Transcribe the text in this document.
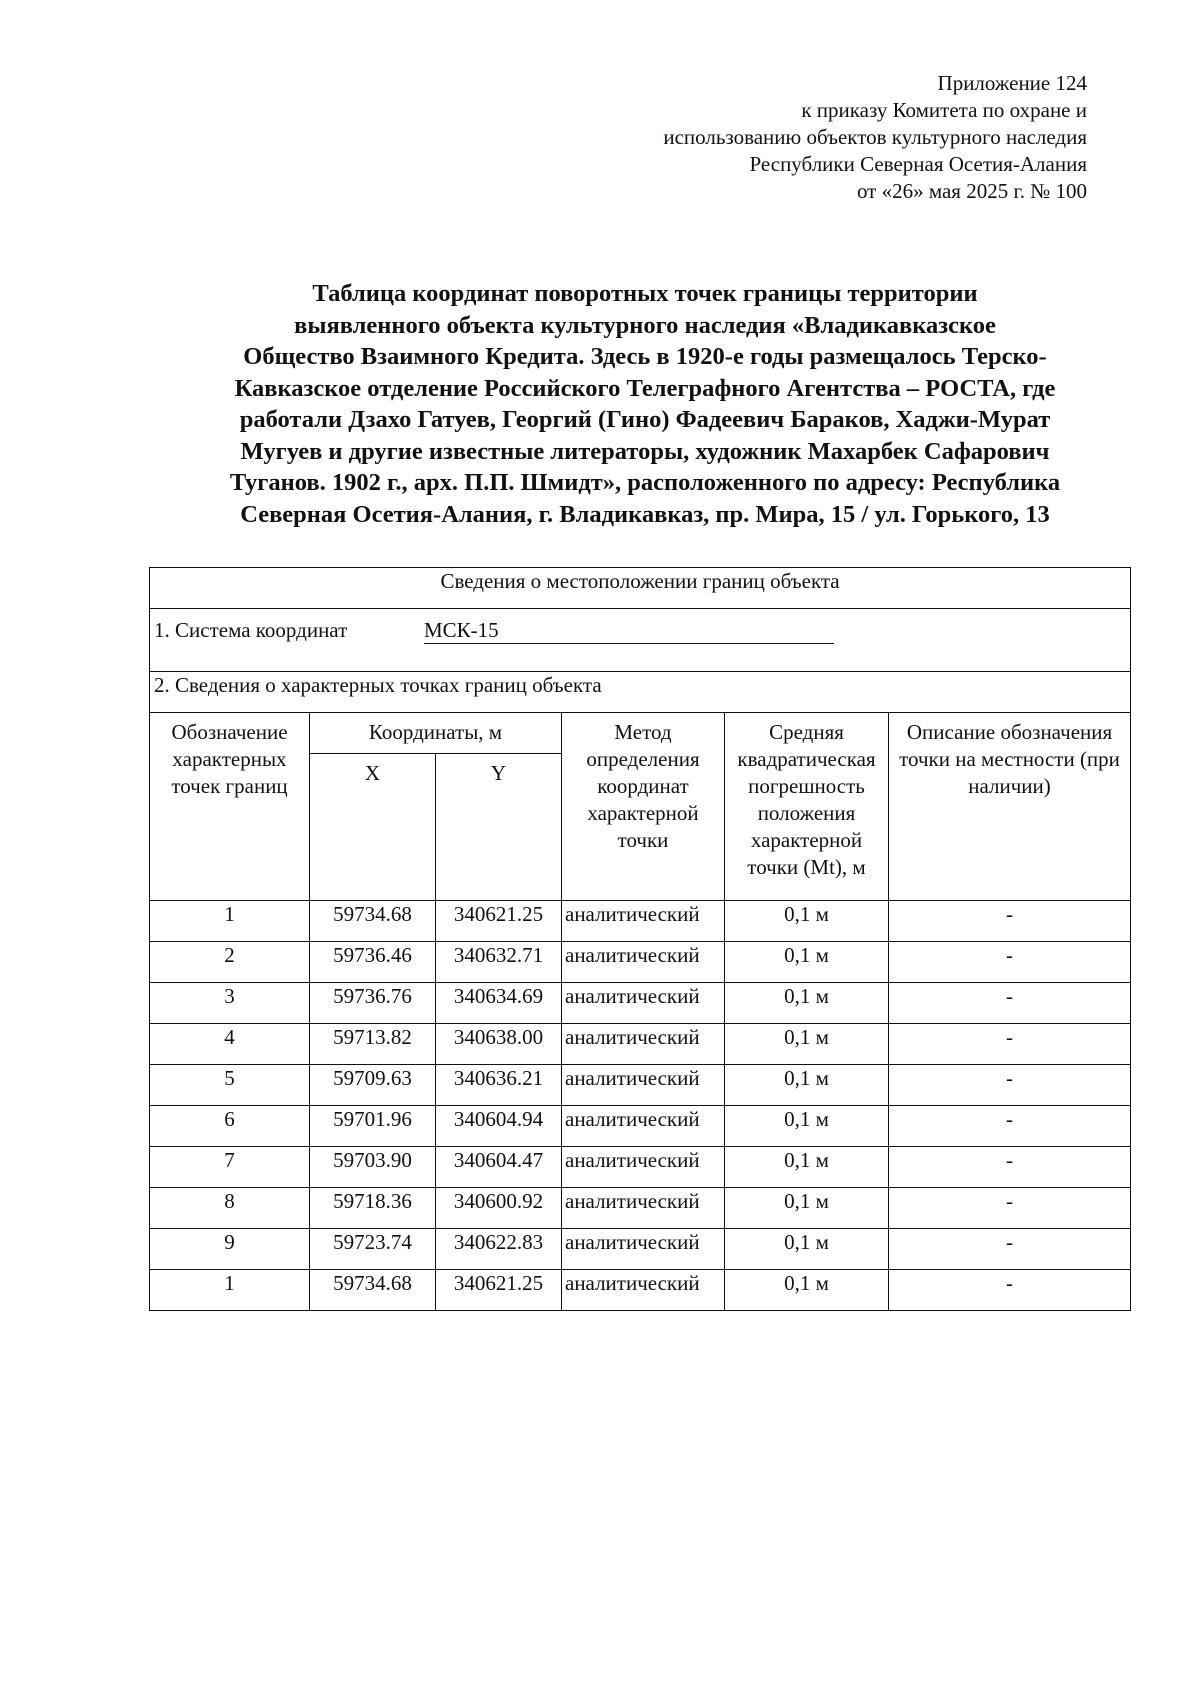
Приложение 124
к приказу Комитета по охране и
использованию объектов культурного наследия
Республики Северная Осетия-Алания
от «26» мая 2025 г. № 100
Таблица координат поворотных точек границы территории
выявленного объекта культурного наследия «Владикавказское
Общество Взаимного Кредита. Здесь в 1920-е годы размещалось Терско-
Кавказское отделение Российского Телеграфного Агентства – РОСТА, где
работали Дзахо Гатуев, Георгий (Гино) Фадеевич Бараков, Хаджи-Мурат
Мугуев и другие известные литераторы, художник Махарбек Сафарович
Туганов. 1902 г., арх. П.П. Шмидт», расположенного по адресу: Республика
Северная Осетия-Алания, г. Владикавказ, пр. Мира, 15 / ул. Горького, 13
Сведения о местоположении границ объекта					
1. Система координат МСК-15					
2. Сведения о характерных точках границ объекта					
Обозначение характерных точек границ	Координаты, м		Метод определения координат характерной точки	Средняя квадратическая погрешность положения характерной точки (Mt), м	Описание обозначения точки на местности (при наличии)
	X	Y			
1	59734.68	340621.25	аналитический	0,1 м	-
2	59736.46	340632.71	аналитический	0,1 м	-
3	59736.76	340634.69	аналитический	0,1 м	-
4	59713.82	340638.00	аналитический	0,1 м	-
5	59709.63	340636.21	аналитический	0,1 м	-
6	59701.96	340604.94	аналитический	0,1 м	-
7	59703.90	340604.47	аналитический	0,1 м	-
8	59718.36	340600.92	аналитический	0,1 м	-
9	59723.74	340622.83	аналитический	0,1 м	-
1	59734.68	340621.25	аналитический	0,1 м	-
